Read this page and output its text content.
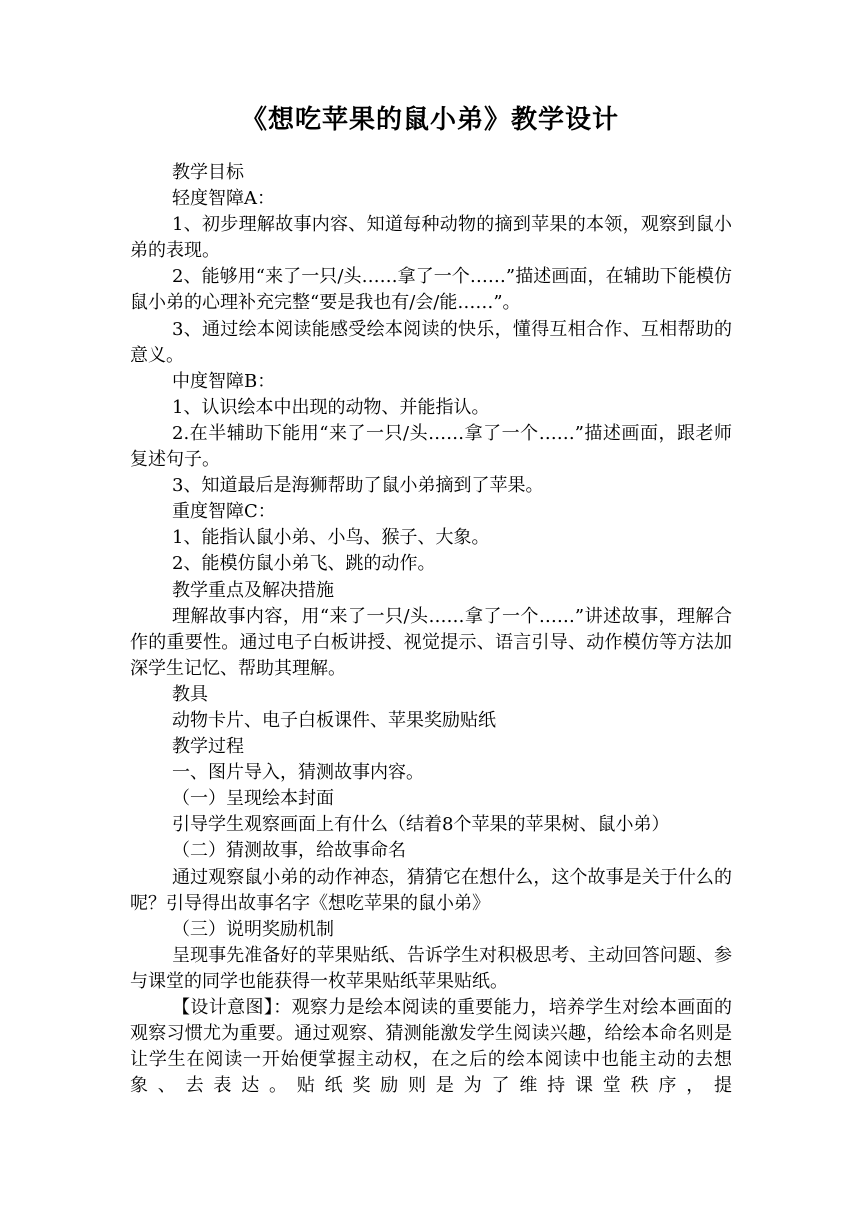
《想吃苹果的鼠小弟》教学设计

教学目标

轻度智障A：

1、初步理解故事内容、知道每种动物的摘到苹果的本领，观察到鼠小弟的表现。

2、能够用“来了一只/头……拿了一个……”描述画面，在辅助下能模仿鼠小弟的心理补充完整“要是我也有/会/能……”。

3、通过绘本阅读能感受绘本阅读的快乐，懂得互相合作、互相帮助的意义。

中度智障B：

1、认识绘本中出现的动物、并能指认。

2.在半辅助下能用“来了一只/头……拿了一个……”描述画面，跟老师复述句子。

3、知道最后是海狮帮助了鼠小弟摘到了苹果。

重度智障C：

1、能指认鼠小弟、小鸟、猴子、大象。

2、能模仿鼠小弟飞、跳的动作。

教学重点及解决措施

理解故事内容，用“来了一只/头……拿了一个……”讲述故事，理解合作的重要性。通过电子白板讲授、视觉提示、语言引导、动作模仿等方法加深学生记忆、帮助其理解。

教具

动物卡片、电子白板课件、苹果奖励贴纸

教学过程

一、图片导入，猜测故事内容。

（一）呈现绘本封面

引导学生观察画面上有什么（结着8个苹果的苹果树、鼠小弟）

（二）猜测故事，给故事命名

通过观察鼠小弟的动作神态，猜猜它在想什么，这个故事是关于什么的呢？引导得出故事名字《想吃苹果的鼠小弟》

（三）说明奖励机制

呈现事先准备好的苹果贴纸、告诉学生对积极思考、主动回答问题、参与课堂的同学也能获得一枚苹果贴纸苹果贴纸。

【设计意图】：观察力是绘本阅读的重要能力，培养学生对绘本画面的观察习惯尤为重要。通过观察、猜测能激发学生阅读兴趣，给绘本命名则是让学生在阅读一开始便掌握主动权，在之后的绘本阅读中也能主动的去想象、去表达。贴纸奖励则是为了维持课堂秩序，提
